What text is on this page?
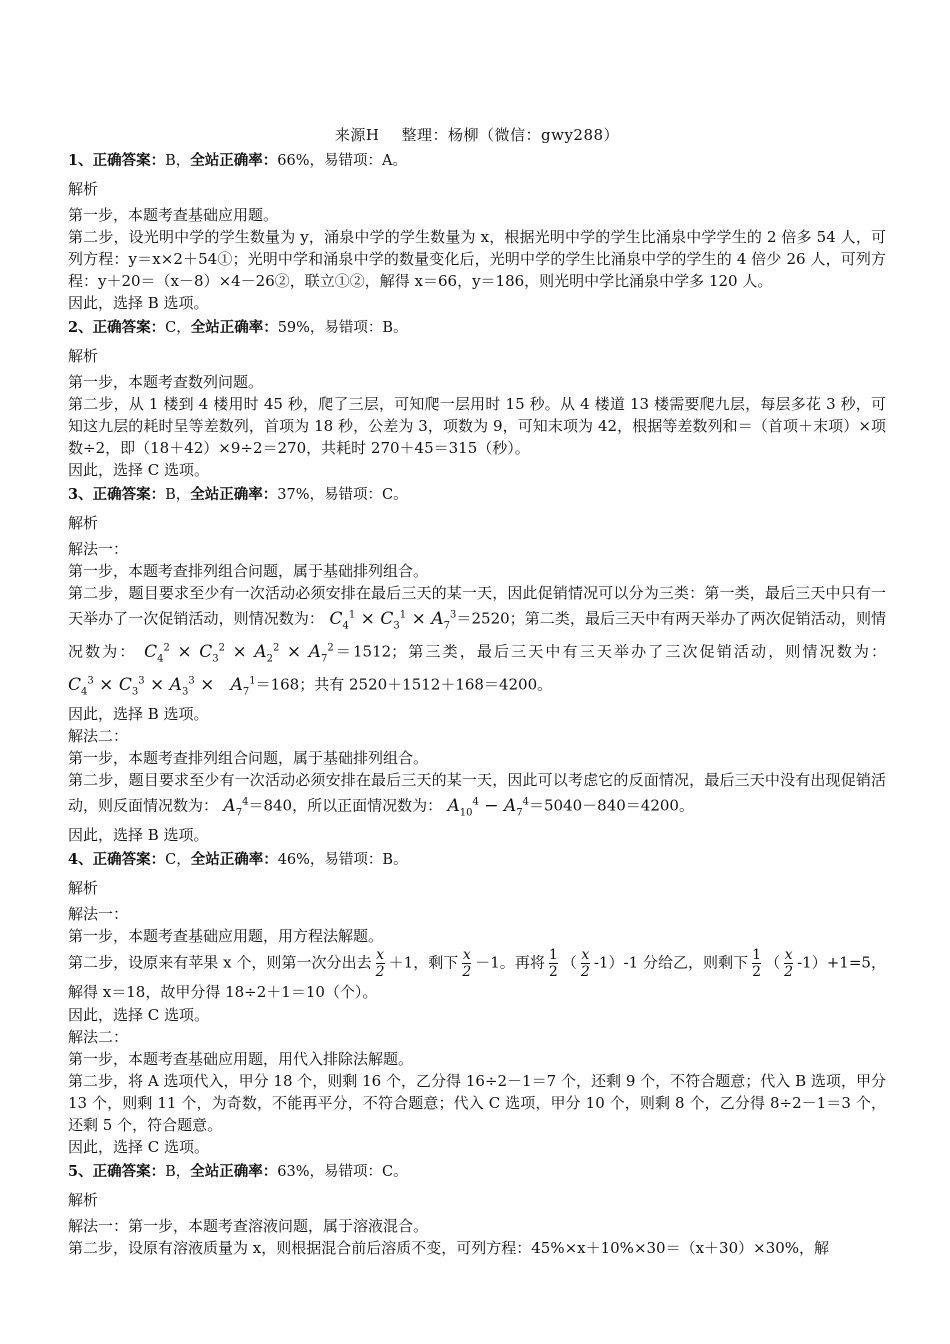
来源H 整理：杨柳（微信：gwy288）
1、正确答案：B，全站正确率：66%，易错项：A。
解析
第一步，本题考查基础应用题。
第二步，设光明中学的学生数量为 y，涌泉中学的学生数量为 x，根据光明中学的学生比涌泉中学学生的 2 倍多 54 人，可列方程：y＝x×2＋54①；光明中学和涌泉中学的数量变化后，光明中学的学生比涌泉中学的学生的 4 倍少 26 人，可列方程：y＋20＝（x－8）×4－26②，联立①②，解得 x＝66，y＝186，则光明中学比涌泉中学多 120 人。
因此，选择 B 选项。
2、正确答案：C，全站正确率：59%，易错项：B。
解析
第一步，本题考查数列问题。
第二步，从 1 楼到 4 楼用时 45 秒，爬了三层，可知爬一层用时 15 秒。从 4 楼道 13 楼需要爬九层，每层多花 3 秒，可知这九层的耗时呈等差数列，首项为 18 秒，公差为 3，项数为 9，可知末项为 42，根据等差数列和＝（首项＋末项）×项数÷2，即（18＋42）×9÷2＝270，共耗时 270＋45＝315（秒）。
因此，选择 C 选项。
3、正确答案：B，全站正确率：37%，易错项：C。
解析
解法一：
第一步，本题考查排列组合问题，属于基础排列组合。
第二步，题目要求至少有一次活动必须安排在最后三天的某一天，因此促销情况可以分为三类：第一类，最后三天中只有一天举办了一次促销活动，则情况数为： $C_4^1 \times C_3^1 \times A_7^3=2520$；第二类，最后三天中有两天举办了两次促销活动，则情况数为： $C_4^2 \times C_3^2 \times A_2^2 \times A_7^2=1512$；第三类，最后三天中有三天举办了三次促销活动，则情况数为： $C_4^3 \times C_3^3 \times A_3^3 \times A_7^1=168$；共有 2520＋1512＋168＝4200。
因此，选择 B 选项。
解法二：
第一步，本题考查排列组合问题，属于基础排列组合。
第二步，题目要求至少有一次活动必须安排在最后三天的某一天，因此可以考虑它的反面情况，最后三天中没有出现促销活动，则反面情况数为： $A_7^4=840$，所以正面情况数为： $A_{10}^4 - A_7^4=5040-840=4200$。
因此，选择 B 选项。
4、正确答案：C，全站正确率：46%，易错项：B。
解析
解法一：
第一步，本题考查基础应用题，用方程法解题。
第二步，设原来有苹果 x 个，则第一次分出去 $\frac{x}{2} +1$，剩下 $\frac{x}{2} -1$。再将 $\frac{1}{2}$ （ $\frac{x}{2} -1)-1$ 分给乙，则剩下 $\frac{1}{2}$ （ $\frac{x}{2} -1)+1=5$，解得 x＝18，故甲分得 18÷2＋1＝10（个）。
因此，选择 C 选项。
解法二：
第一步，本题考查基础应用题，用代入排除法解题。
第二步，将 A 选项代入，甲分 18 个，则剩 16 个，乙分得 16÷2－1＝7 个，还剩 9 个，不符合题意；代入 B 选项，甲分 13 个，则剩 11 个，为奇数，不能再平分，不符合题意；代入 C 选项，甲分 10 个，则剩 8 个，乙分得 8÷2－1＝3 个，还剩 5 个，符合题意。
因此，选择 C 选项。
5、正确答案：B，全站正确率：63%，易错项：C。
解析
解法一：第一步，本题考查溶液问题，属于溶液混合。
第二步，设原有溶液质量为 x，则根据混合前后溶质不变，可列方程：45%×x＋10%×30＝（x＋30）×30%，解
